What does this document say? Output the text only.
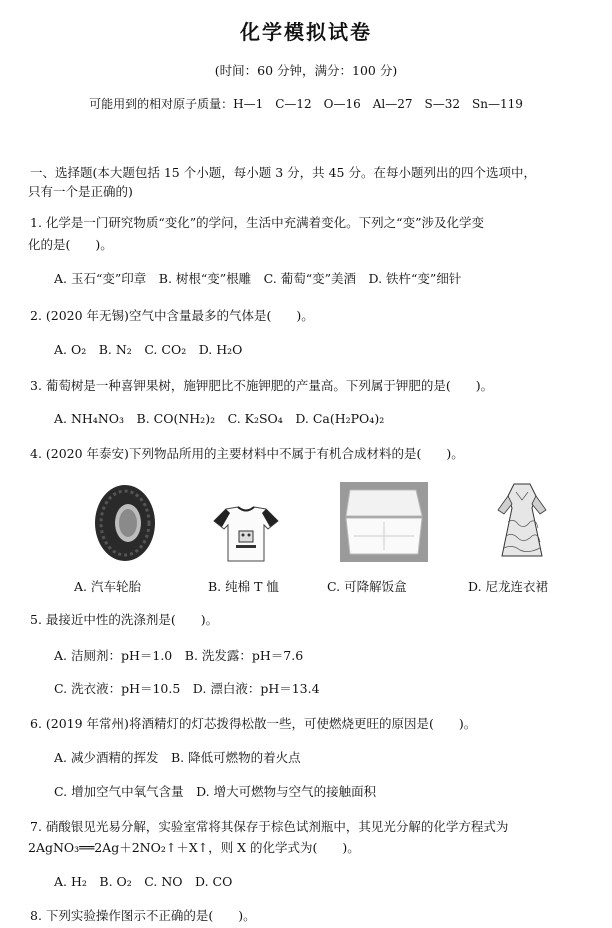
化学模拟试卷
(时间：60 分钟，满分：100 分)
可能用到的相对原子质量：H—1　C—12　O—16　Al—27　S—32　Sn—119
一、选择题(本大题包括 15 个小题，每小题 3 分，共 45 分。在每小题列出的四个选项中，
只有一个是正确的)
1. 化学是一门研究物质“变化”的学问，生活中充满着变化。下列之“变”涉及化学变
化的是(　　)。
A. 玉石“变”印章　B. 树根“变”根雕　C. 葡萄“变”美酒　D. 铁杵“变”细针
2. (2020 年无锡)空气中含量最多的气体是(　　)。
A. O₂　B. N₂　C. CO₂　D. H₂O
3. 葡萄树是一种喜钾果树，施钾肥比不施钾肥的产量高。下列属于钾肥的是(　　)。
A. NH₄NO₃　B. CO(NH₂)₂　C. K₂SO₄　D. Ca(H₂PO₄)₂
4. (2020 年泰安)下列物品所用的主要材料中不属于有机合成材料的是(　　)。
A. 汽车轮胎	B. 纯棉 T 恤	C. 可降解饭盒	D. 尼龙连衣裙
5. 最接近中性的洗涤剂是(　　)。
A. 洁厕剂：pH＝1.0　B. 洗发露：pH＝7.6
C. 洗衣液：pH＝10.5　D. 漂白液：pH＝13.4
6. (2019 年常州)将酒精灯的灯芯拨得松散一些，可使燃烧更旺的原因是(　　)。
A. 减少酒精的挥发　B. 降低可燃物的着火点
C. 增加空气中氧气含量　D. 增大可燃物与空气的接触面积
7. 硝酸银见光易分解，实验室常将其保存于棕色试剂瓶中，其见光分解的化学方程式为
2AgNO₃══2Ag＋2NO₂↑＋X↑，则 X 的化学式为(　　)。
A. H₂　B. O₂　C. NO　D. CO
8. 下列实验操作图示不正确的是(　　)。
